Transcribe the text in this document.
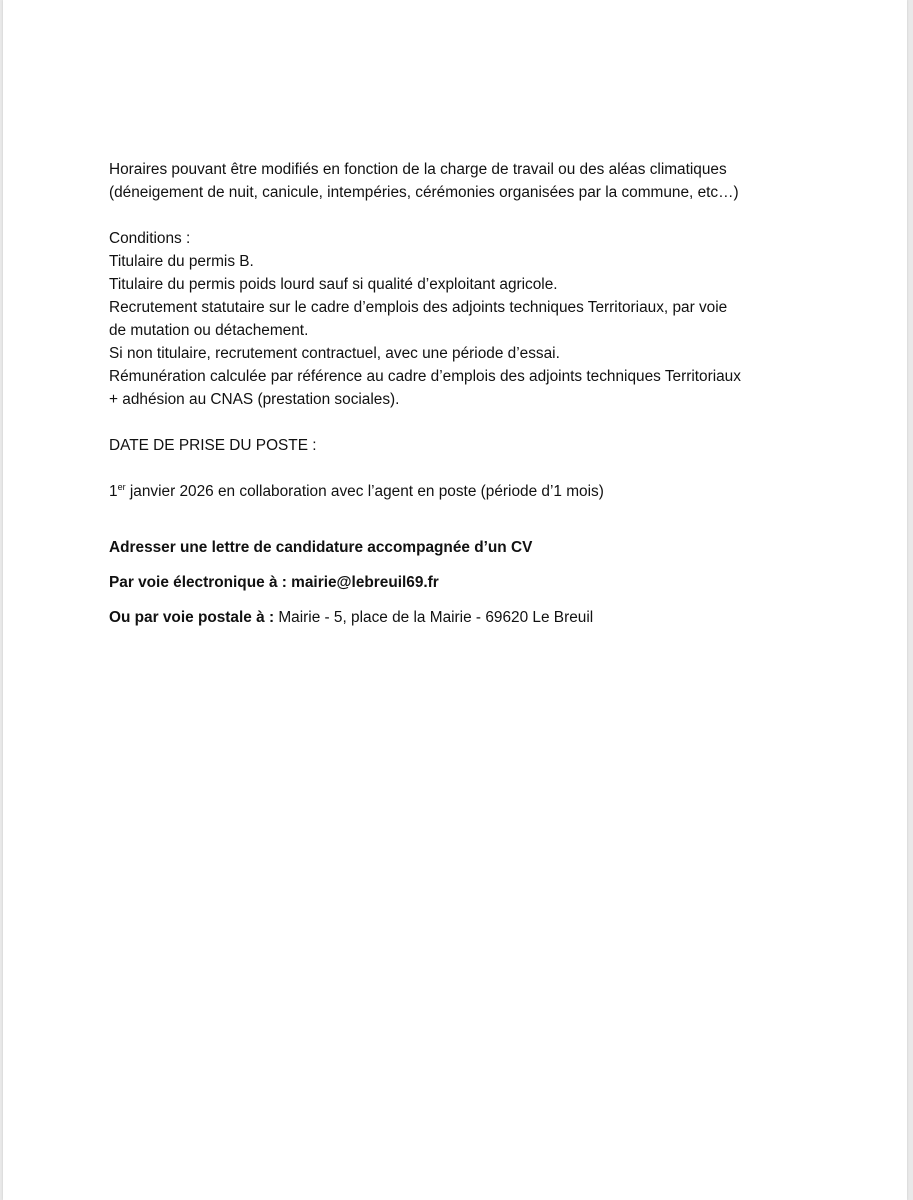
Horaires pouvant être modifiés en fonction de la charge de travail ou des aléas climatiques
(déneigement de nuit, canicule, intempéries, cérémonies organisées par la commune, etc…)

Conditions :
Titulaire du permis B.
Titulaire du permis poids lourd sauf si qualité d’exploitant agricole.
Recrutement statutaire sur le cadre d’emplois des adjoints techniques Territoriaux, par voie
de mutation ou détachement.
Si non titulaire, recrutement contractuel, avec une période d’essai.
Rémunération calculée par référence au cadre d’emplois des adjoints techniques Territoriaux
+ adhésion au CNAS (prestation sociales).
DATE DE PRISE DU POSTE :
1er janvier 2026 en collaboration avec l’agent en poste (période d’1 mois)
Adresser une lettre de candidature accompagnée d’un CV
Par voie électronique à : mairie@lebreuil69.fr
Ou par voie postale à : Mairie - 5, place de la Mairie - 69620 Le Breuil
